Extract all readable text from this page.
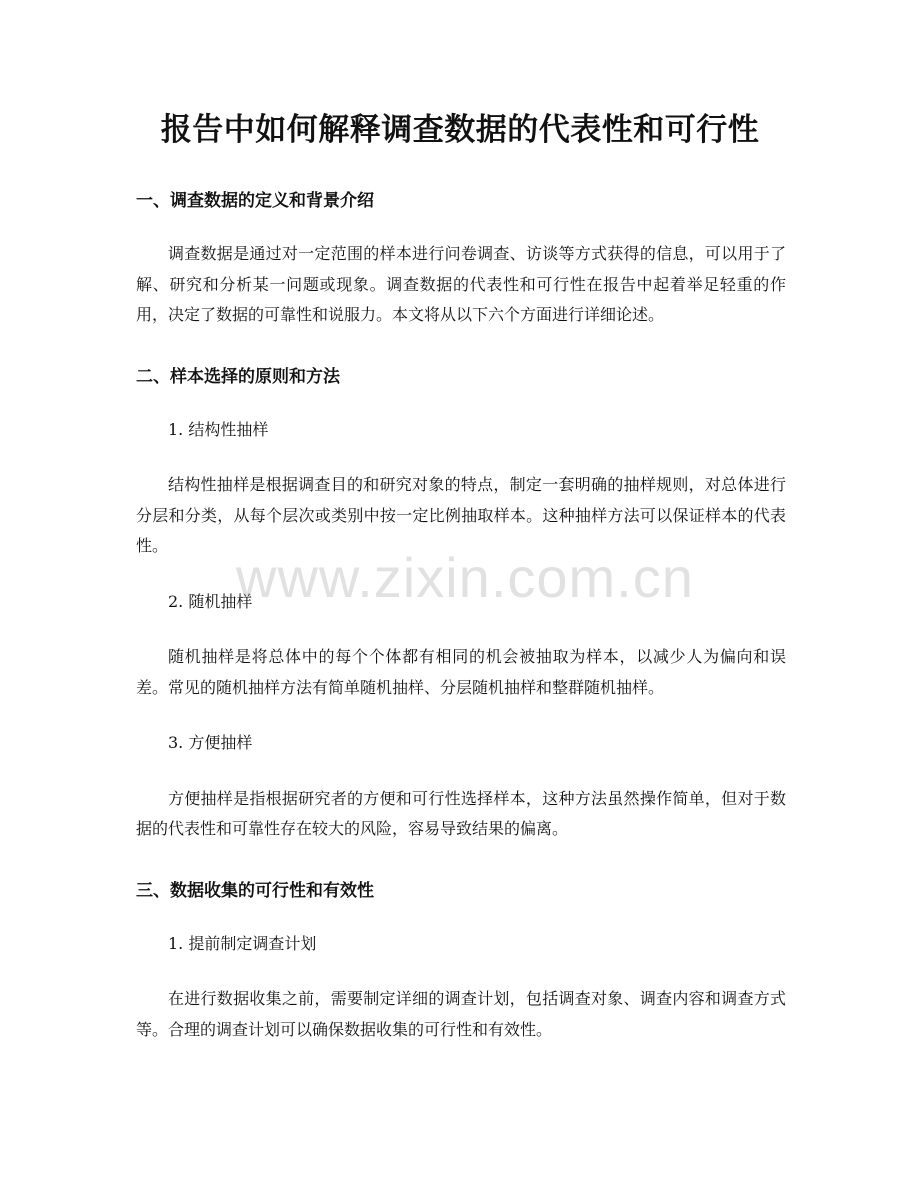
报告中如何解释调查数据的代表性和可行性
一、调查数据的定义和背景介绍

调查数据是通过对一定范围的样本进行问卷调查、访谈等方式获得的信息，可以用于了解、研究和分析某一问题或现象。调查数据的代表性和可行性在报告中起着举足轻重的作用，决定了数据的可靠性和说服力。本文将从以下六个方面进行详细论述。

二、样本选择的原则和方法

1. 结构性抽样

结构性抽样是根据调查目的和研究对象的特点，制定一套明确的抽样规则，对总体进行分层和分类，从每个层次或类别中按一定比例抽取样本。这种抽样方法可以保证样本的代表性。

2. 随机抽样

随机抽样是将总体中的每个个体都有相同的机会被抽取为样本，以减少人为偏向和误差。常见的随机抽样方法有简单随机抽样、分层随机抽样和整群随机抽样。

3. 方便抽样

方便抽样是指根据研究者的方便和可行性选择样本，这种方法虽然操作简单，但对于数据的代表性和可靠性存在较大的风险，容易导致结果的偏离。

三、数据收集的可行性和有效性

1. 提前制定调查计划

在进行数据收集之前，需要制定详细的调查计划，包括调查对象、调查内容和调查方式等。合理的调查计划可以确保数据收集的可行性和有效性。

www.zixin.com.cn
